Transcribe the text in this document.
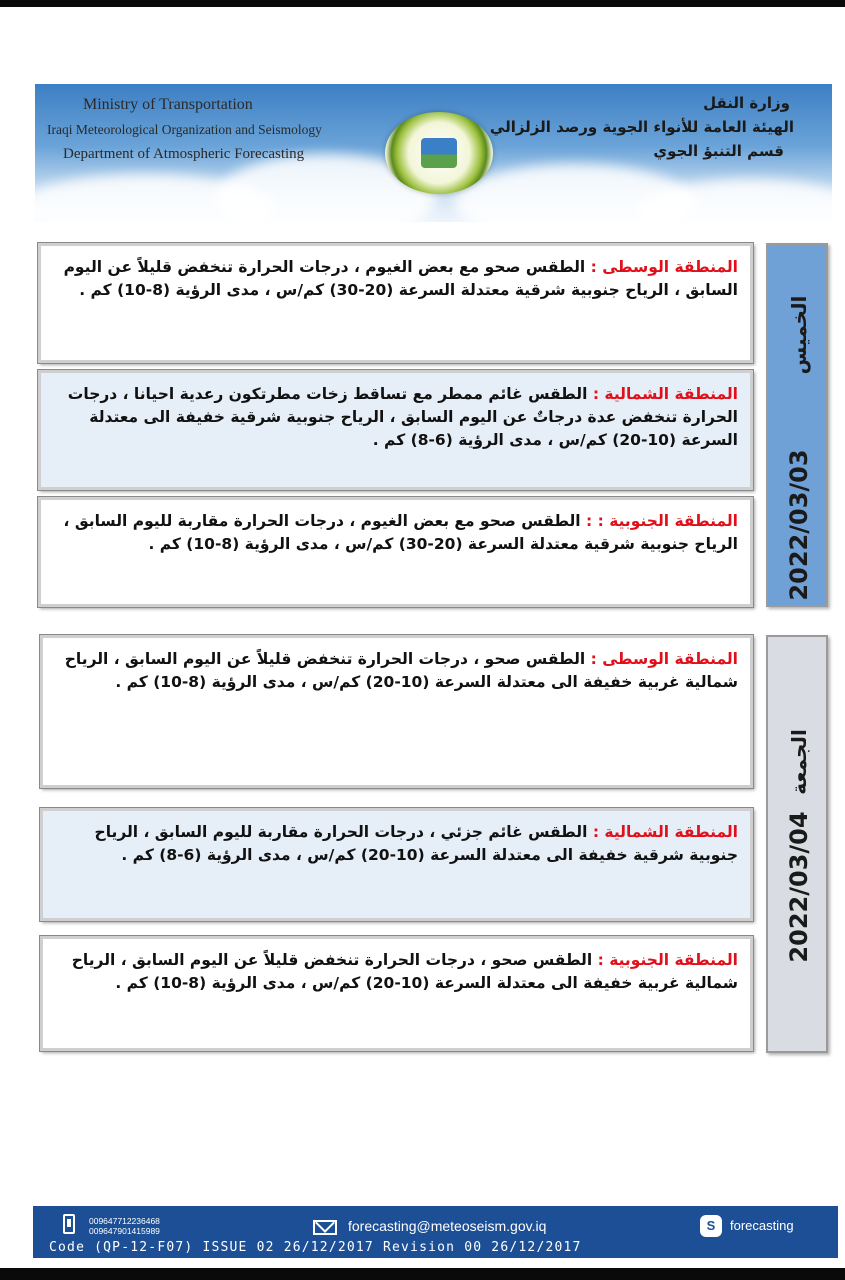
Ministry of Transportation
Iraqi Meteorological Organization and Seismology
Department of Atmospheric Forecasting
وزارة النقل
الهيئة العامة للأنواء الجوية ورصد الزلزالي
قسم التنبؤ الجوي
المنطقة الوسطى : الطقس صحو مع بعض الغيوم ، درجات الحرارة تنخفض قليلاً عن اليوم السابق ، الرياح جنوبية شرقية معتدلة السرعة (20-30) كم/س ، مدى الرؤية (8-10) كم .
المنطقة الشمالية : الطقس غائم ممطر مع تساقط زخات مطرتكون رعدية احيانا ، درجات الحرارة تنخفض عدة درجاتٌ عن اليوم السابق ، الرياح جنوبية شرقية خفيفة الى معتدلة السرعة (10-20) كم/س ، مدى الرؤية (6-8) كم .
المنطقة الجنوبية : : الطقس صحو مع بعض الغيوم ، درجات الحرارة مقاربة لليوم السابق ، الرياح جنوبية شرقية معتدلة السرعة (20-30) كم/س ، مدى الرؤية (8-10) كم .	2022/03/03
الخميس
المنطقة الوسطى : الطقس صحو ، درجات الحرارة تنخفض قليلاً عن اليوم السابق ، الرياح شمالية غربية خفيفة الى معتدلة السرعة (10-20) كم/س ، مدى الرؤية (8-10) كم .
المنطقة الشمالية : الطقس غائم جزئي ، درجات الحرارة مقاربة لليوم السابق ، الرياح جنوبية شرقية خفيفة الى معتدلة السرعة (10-20) كم/س ، مدى الرؤية (6-8) كم .
المنطقة الجنوبية : الطقس صحو ، درجات الحرارة تنخفض قليلاً عن اليوم السابق ، الرياح شمالية غربية خفيفة الى معتدلة السرعة (10-20) كم/س ، مدى الرؤية (8-10) كم .
2022/03/04
الجمعة
009647712236468
009647901415989	forecasting@meteoseism.gov.iq	S	forecasting
Code (QP-12-F07) ISSUE 02 26/12/2017 Revision 00 26/12/2017
